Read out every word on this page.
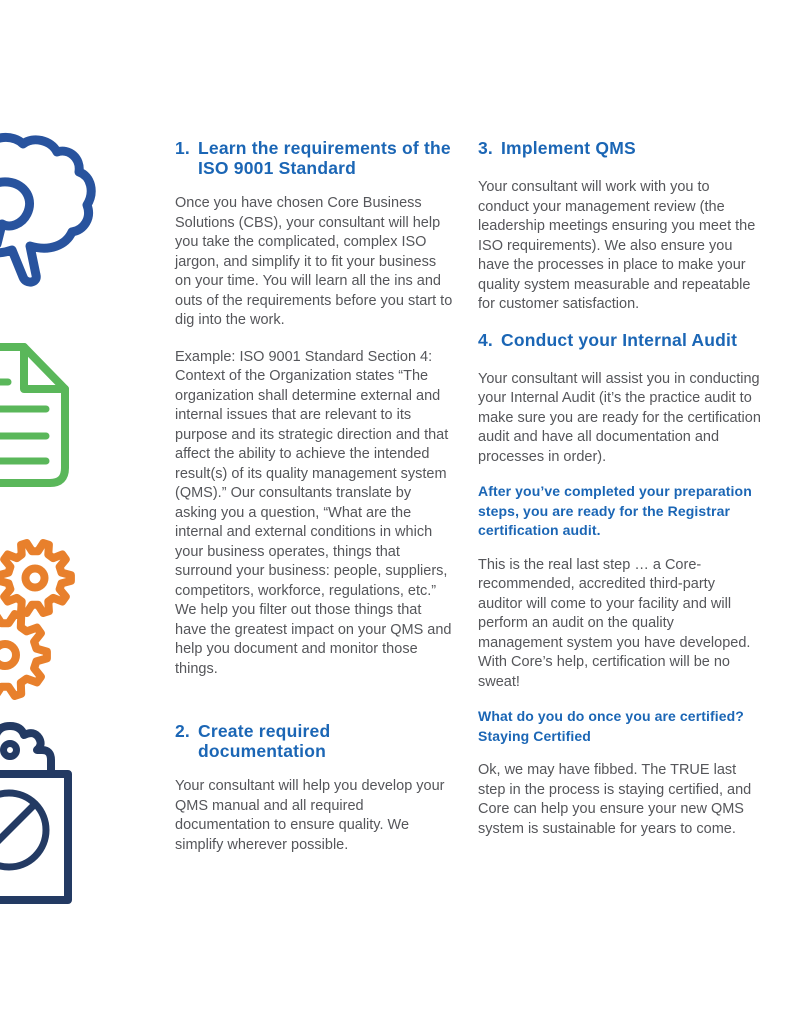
1. Learn the requirements of the ISO 9001 Standard

Once you have chosen Core Business Solutions (CBS), your consultant will help you take the complicated, complex ISO jargon, and simplify it to fit your business on your time. You will learn all the ins and outs of the requirements before you start to dig into the work.

Example: ISO 9001 Standard Section 4: Context of the Organization states “The organization shall determine external and internal issues that are relevant to its purpose and its strategic direction and that affect the ability to achieve the intended result(s) of its quality management system (QMS).” Our consultants translate by asking you a question, “What are the internal and external conditions in which your business operates, things that surround your business: people, suppliers, competitors, workforce, regulations, etc.” We help you filter out those things that have the greatest impact on your QMS and help you document and monitor those things.

2. Create required documentation

Your consultant will help you develop your QMS manual and all required documentation to ensure quality. We simplify wherever possible.

3. Implement QMS

Your consultant will work with you to conduct your management review (the leadership meetings ensuring you meet the ISO requirements). We also ensure you have the processes in place to make your quality system measurable and repeatable for customer satisfaction.

4. Conduct your Internal Audit

Your consultant will assist you in conducting your Internal Audit (it’s the practice audit to make sure you are ready for the certification audit and have all documentation and processes in order).

After you’ve completed your preparation steps, you are ready for the Registrar certification audit.

This is the real last step … a Core-recommended, accredited third-party auditor will come to your facility and will perform an audit on the quality management system you have developed. With Core’s help, certification will be no sweat!

What do you do once you are certified?
Staying Certified

Ok, we may have fibbed. The TRUE last step in the process is staying certified, and Core can help you ensure your new QMS system is sustainable for years to come.
